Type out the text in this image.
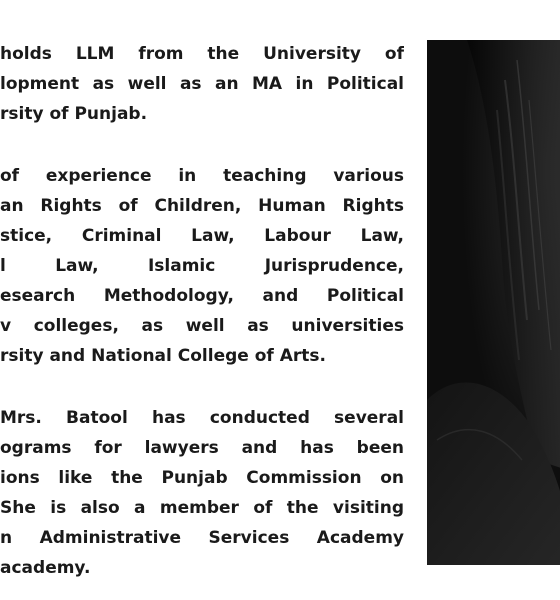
holds LLM from the University of
lopment as well as an MA in Political
rsity of Punjab.

of experience in teaching various
an Rights of Children, Human Rights
stice, Criminal Law, Labour Law,
l Law, Islamic Jurisprudence,
esearch Methodology, and Political
v colleges, as well as universities
rsity and National College of Arts.

Mrs. Batool has conducted several
ograms for lawyers and has been
ions like the Punjab Commission on
She is also a member of the visiting
n Administrative Services Academy
academy.
